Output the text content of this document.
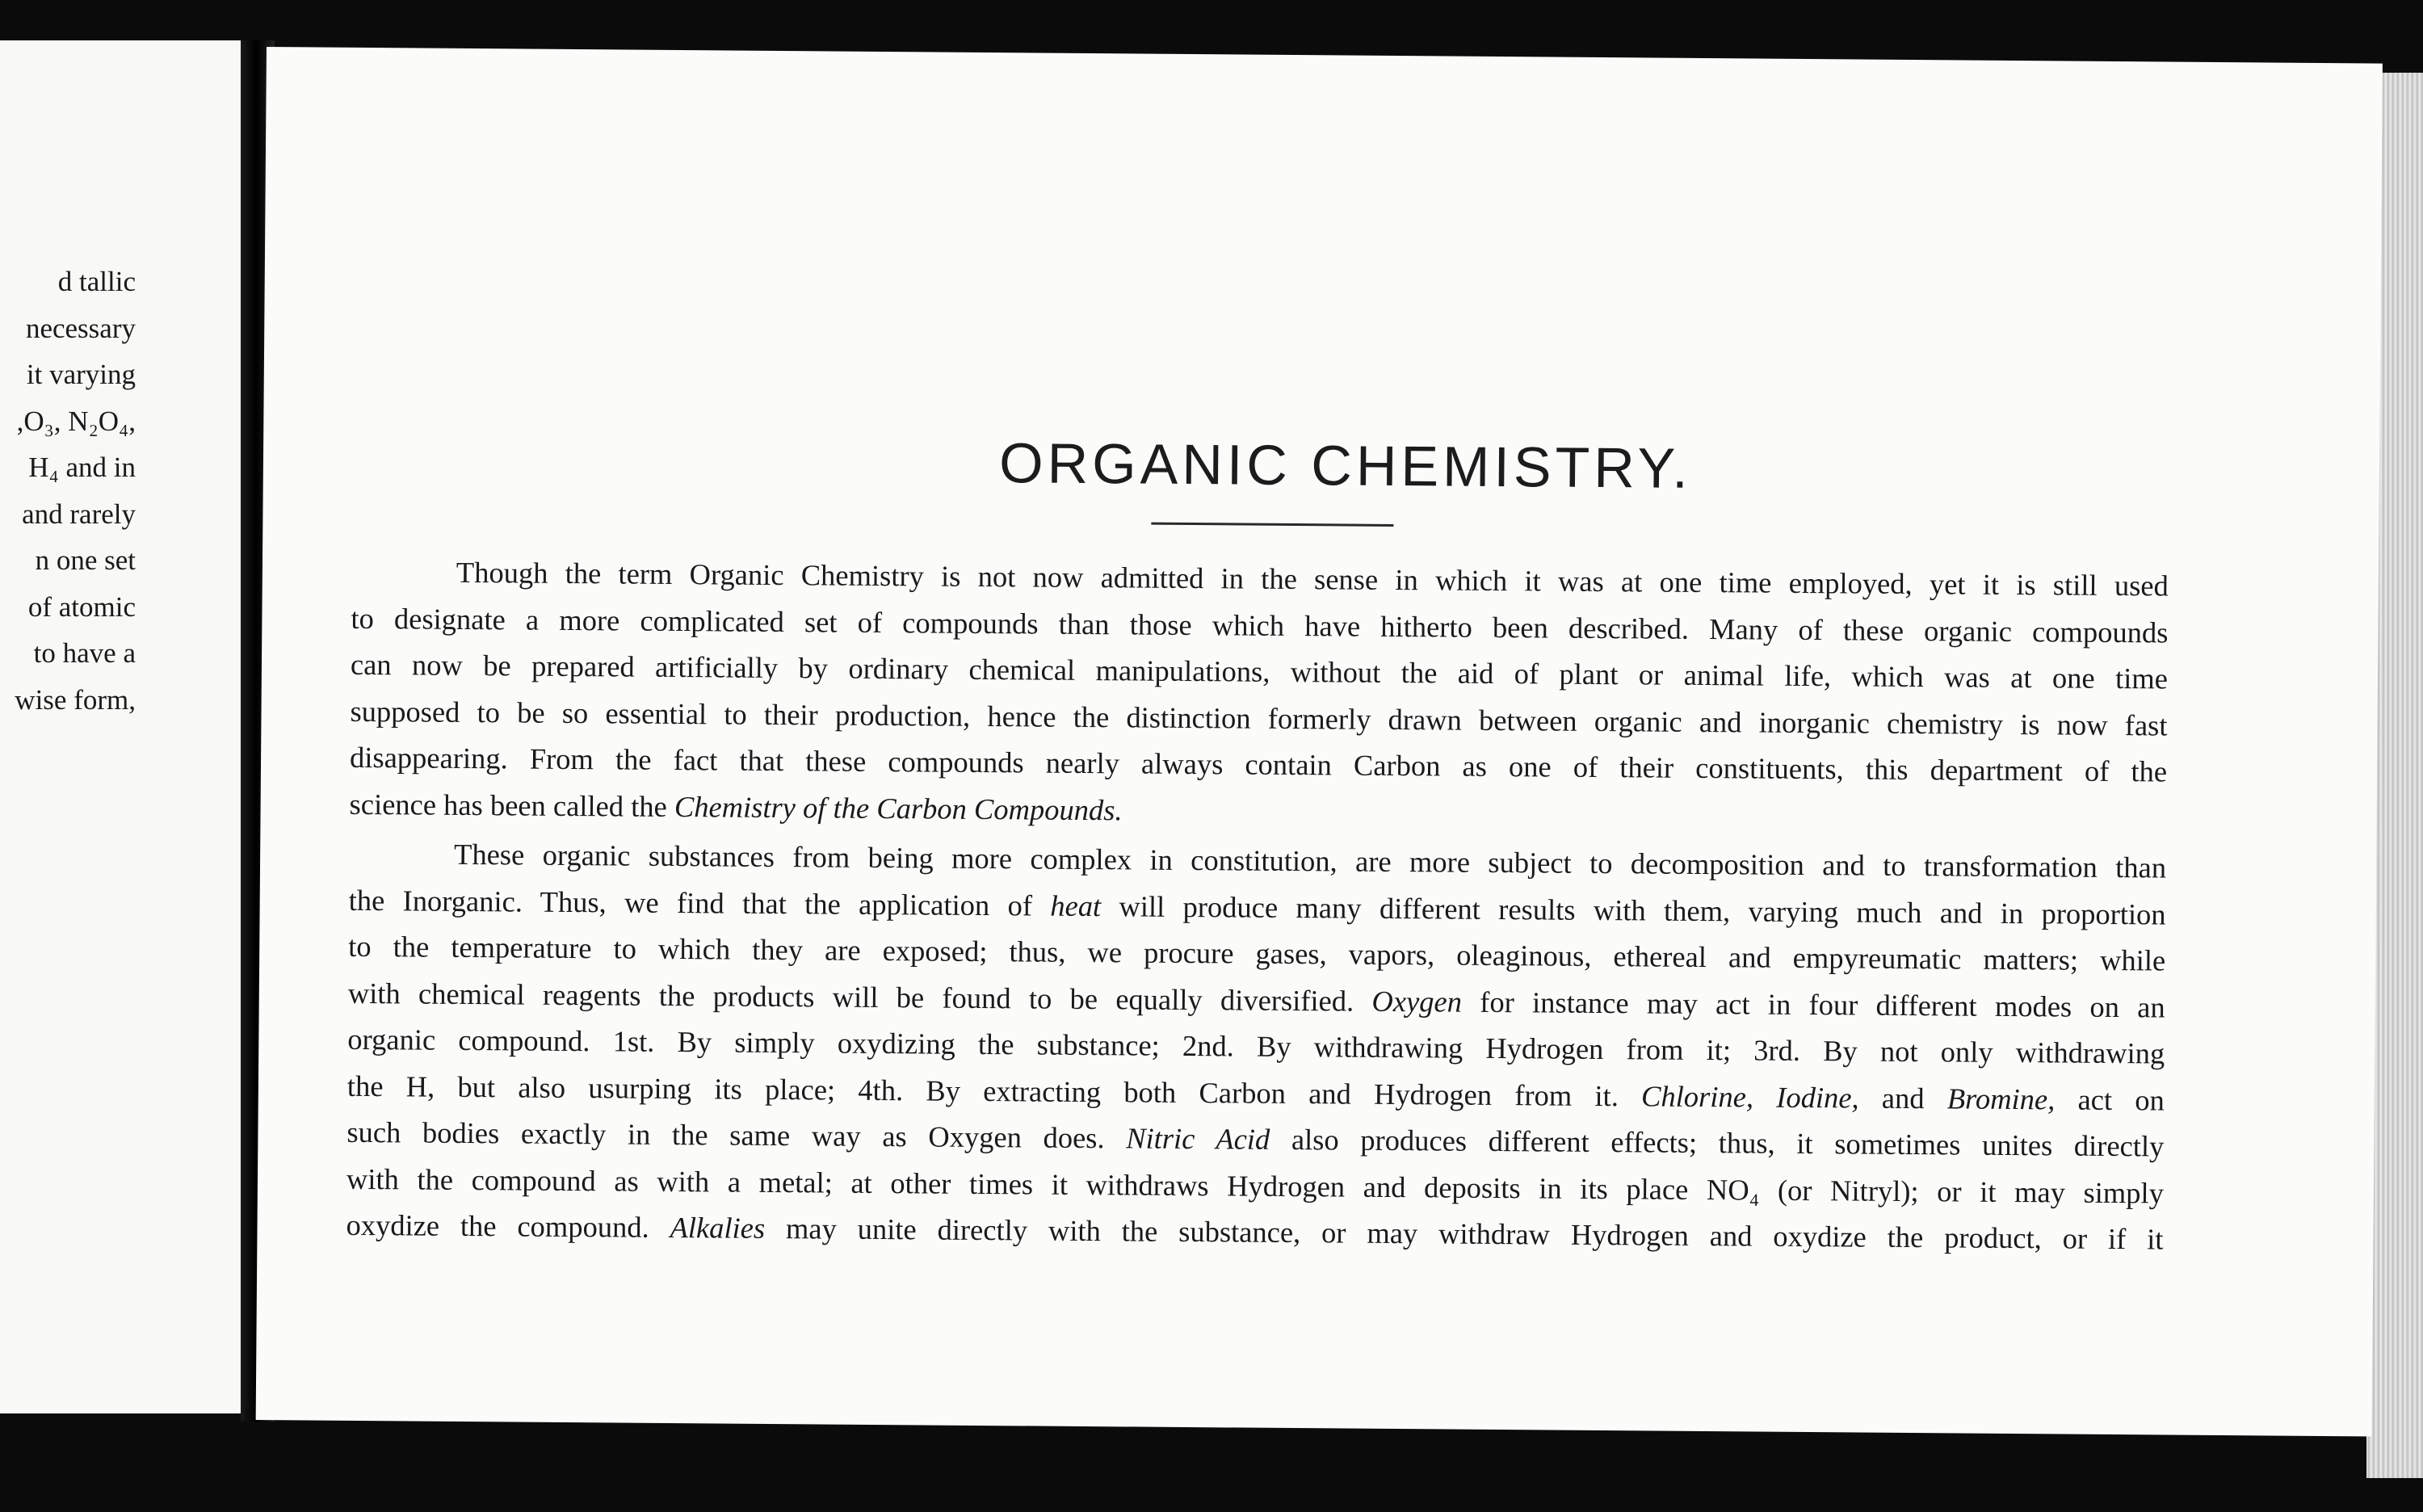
d tallic
necessary
it varying
,O₃, N₂O₄,
H₄ and in
and rarely
n one set
of atomic
to have a
wise form,
ORGANIC CHEMISTRY.
Though the term Organic Chemistry is not now admitted in the sense in which it was at one time employed, yet it is still used
to designate a more complicated set of compounds than those which have hitherto been described. Many of these organic compounds
can now be prepared artificially by ordinary chemical manipulations, without the aid of plant or animal life, which was at one time
supposed to be so essential to their production, hence the distinction formerly drawn between organic and inorganic chemistry is now fast
disappearing. From the fact that these compounds nearly always contain Carbon as one of their constituents, this department of the
science has been called the Chemistry of the Carbon Compounds.
These organic substances from being more complex in constitution, are more subject to decomposition and to transformation than
the Inorganic. Thus, we find that the application of heat will produce many different results with them, varying much and in proportion
to the temperature to which they are exposed; thus, we procure gases, vapors, oleaginous, ethereal and empyreumatic matters; while
with chemical reagents the products will be found to be equally diversified. Oxygen for instance may act in four different modes on an
organic compound. 1st. By simply oxydizing the substance; 2nd. By withdrawing Hydrogen from it; 3rd. By not only withdrawing
the H, but also usurping its place; 4th. By extracting both Carbon and Hydrogen from it. Chlorine, Iodine, and Bromine, act on
such bodies exactly in the same way as Oxygen does. Nitric Acid also produces different effects; thus, it sometimes unites directly
with the compound as with a metal; at other times it withdraws Hydrogen and deposits in its place NO₄ (or Nitryl); or it may simply
oxydize the compound. Alkalies may unite directly with the substance, or may withdraw Hydrogen and oxydize the product, or if it
